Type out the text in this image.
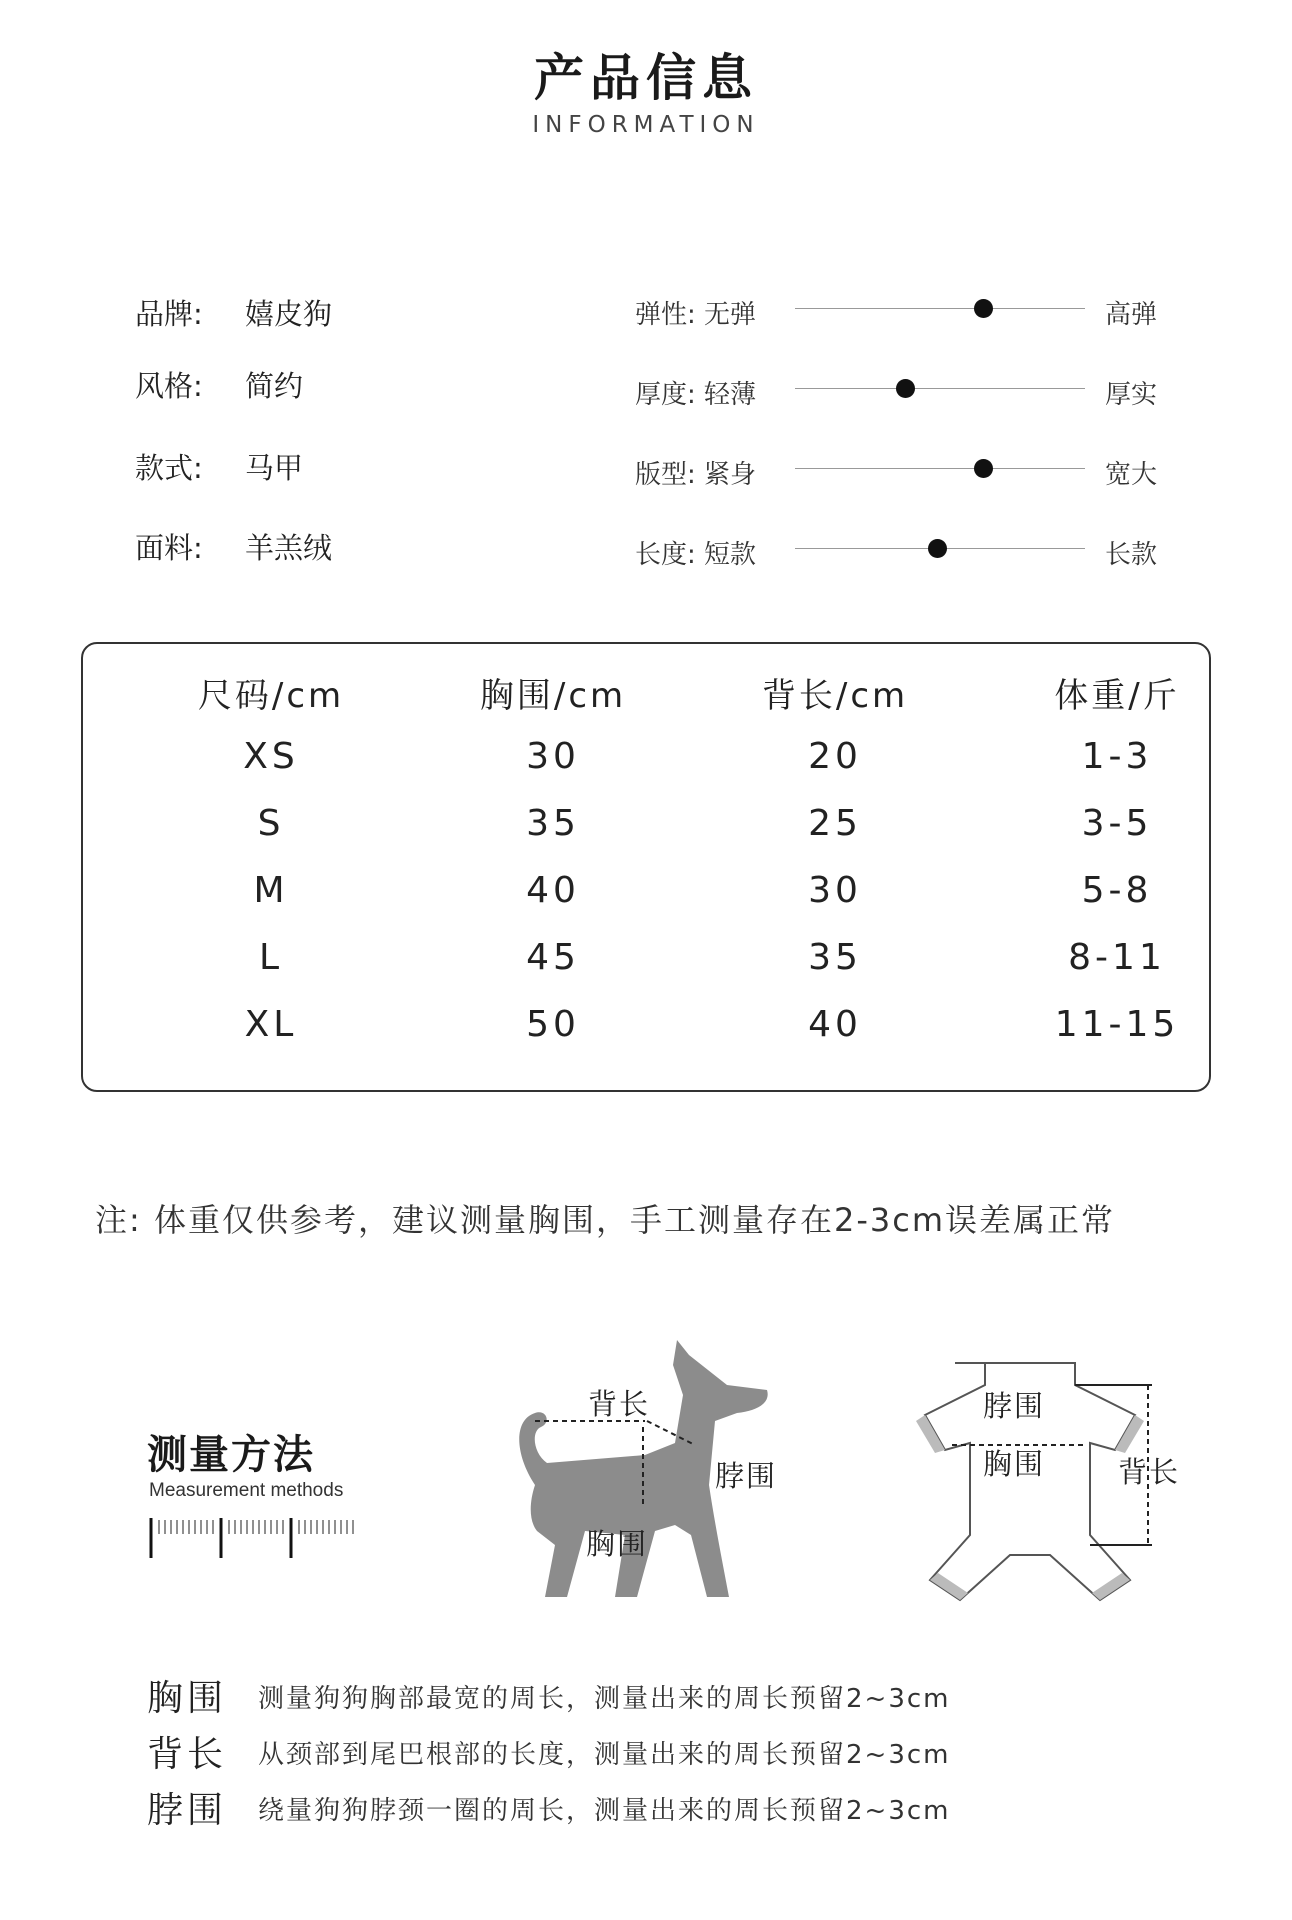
产品信息
INFORMATION
品牌: 嬉皮狗
风格: 简约
款式: 马甲
面料: 羊羔绒
弹性: 无弹	高弹
厚度: 轻薄	厚实
版型: 紧身	宽大
长度: 短款	长款
尺码/cm	胸围/cm	背长/cm	体重/斤
XS	30	20	1-3
S	35	25	3-5
M	40	30	5-8
L	45	35	8-11
XL	50	40	11-15
注: 体重仅供参考，建议测量胸围，手工测量存在2-3cm误差属正常
测量方法
Measurement methods
背长
脖围
胸围
脖围
胸围	背长
胸围 测量狗狗胸部最宽的周长，测量出来的周长预留2~3cm
背长 从颈部到尾巴根部的长度，测量出来的周长预留2~3cm
脖围 绕量狗狗脖颈一圈的周长，测量出来的周长预留2~3cm
